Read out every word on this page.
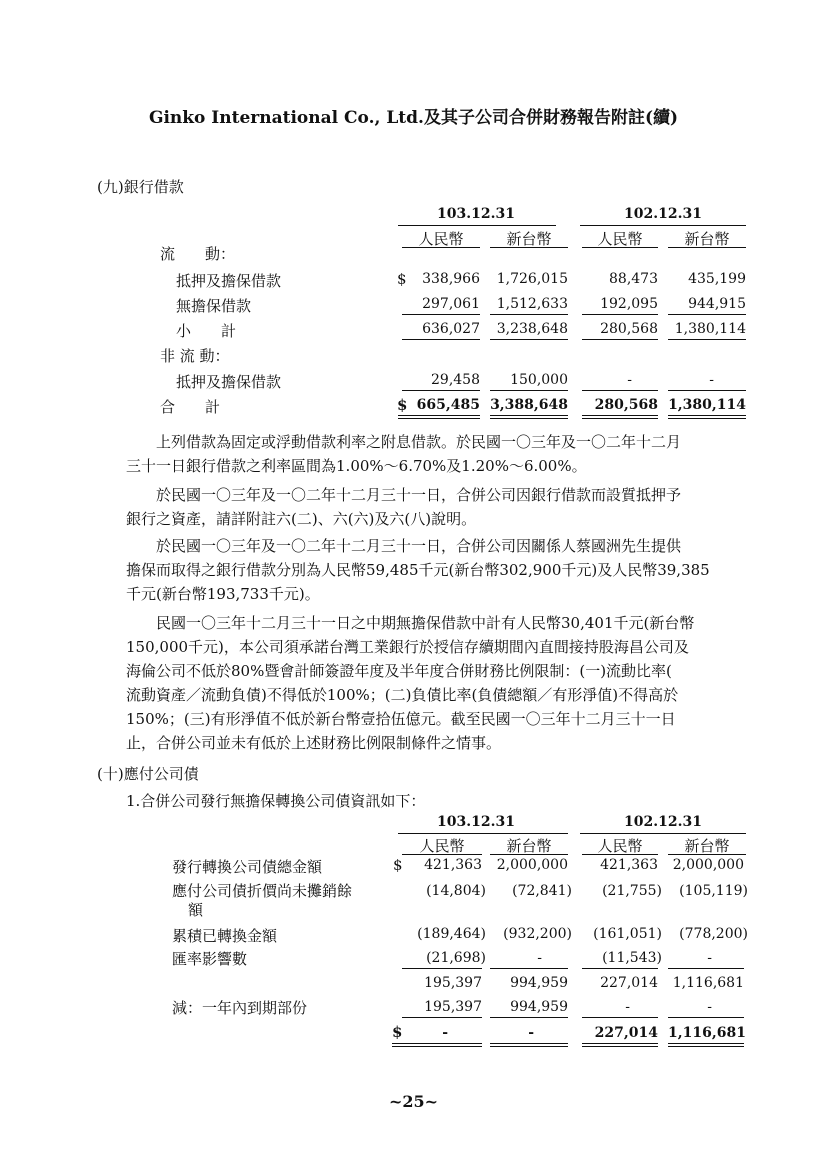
Ginko International Co., Ltd.及其子公司合併財務報告附註(續)
(九)銀行借款
103.12.31	102.12.31
人民幣	新台幣	人民幣	新台幣
流　　動：
抵押及擔保借款	$	338,966	1,726,015	88,473	435,199
無擔保借款	297,061	1,512,633	192,095	944,915
小　　計	636,027	3,238,648	280,568	1,380,114
非 流 動：
抵押及擔保借款	29,458	150,000	-	-
合　　計	$ 665,485 3,388,648	280,568 1,380,114
　　上列借款為固定或浮動借款利率之附息借款。於民國一〇三年及一〇二年十二月
三十一日銀行借款之利率區間為1.00%～6.70%及1.20%～6.00%。
　　於民國一〇三年及一〇二年十二月三十一日，合併公司因銀行借款而設質抵押予
銀行之資產，請詳附註六(二)、六(六)及六(八)說明。
　　於民國一〇三年及一〇二年十二月三十一日，合併公司因關係人蔡國洲先生提供
擔保而取得之銀行借款分別為人民幣59,485千元(新台幣302,900千元)及人民幣39,385
千元(新台幣193,733千元)。
　　民國一〇三年十二月三十一日之中期無擔保借款中計有人民幣30,401千元(新台幣
150,000千元)，本公司須承諾台灣工業銀行於授信存續期間內直間接持股海昌公司及
海倫公司不低於80%暨會計師簽證年度及半年度合併財務比例限制：(一)流動比率(
流動資產／流動負債)不得低於100%；(二)負債比率(負債總額／有形淨值)不得高於
150%；(三)有形淨值不低於新台幣壹拾伍億元。截至民國一〇三年十二月三十一日
止，合併公司並未有低於上述財務比例限制條件之情事。
(十)應付公司債
1.合併公司發行無擔保轉換公司債資訊如下：
103.12.31	102.12.31
人民幣	新台幣	人民幣	新台幣
發行轉換公司債總金額	$	421,363	2,000,000	421,363	2,000,000
應付公司債折價尚未攤銷餘
額
(14,804)	(72,841)	(21,755)	(105,119)
累積已轉換金額	(189,464)	(932,200)	(161,051)	(778,200)
匯率影響數	(21,698)	-	(11,543)	-
195,397	994,959	227,014	1,116,681
減：一年內到期部份	195,397	994,959	-	-
$	-	-	227,014 1,116,681
~25~
